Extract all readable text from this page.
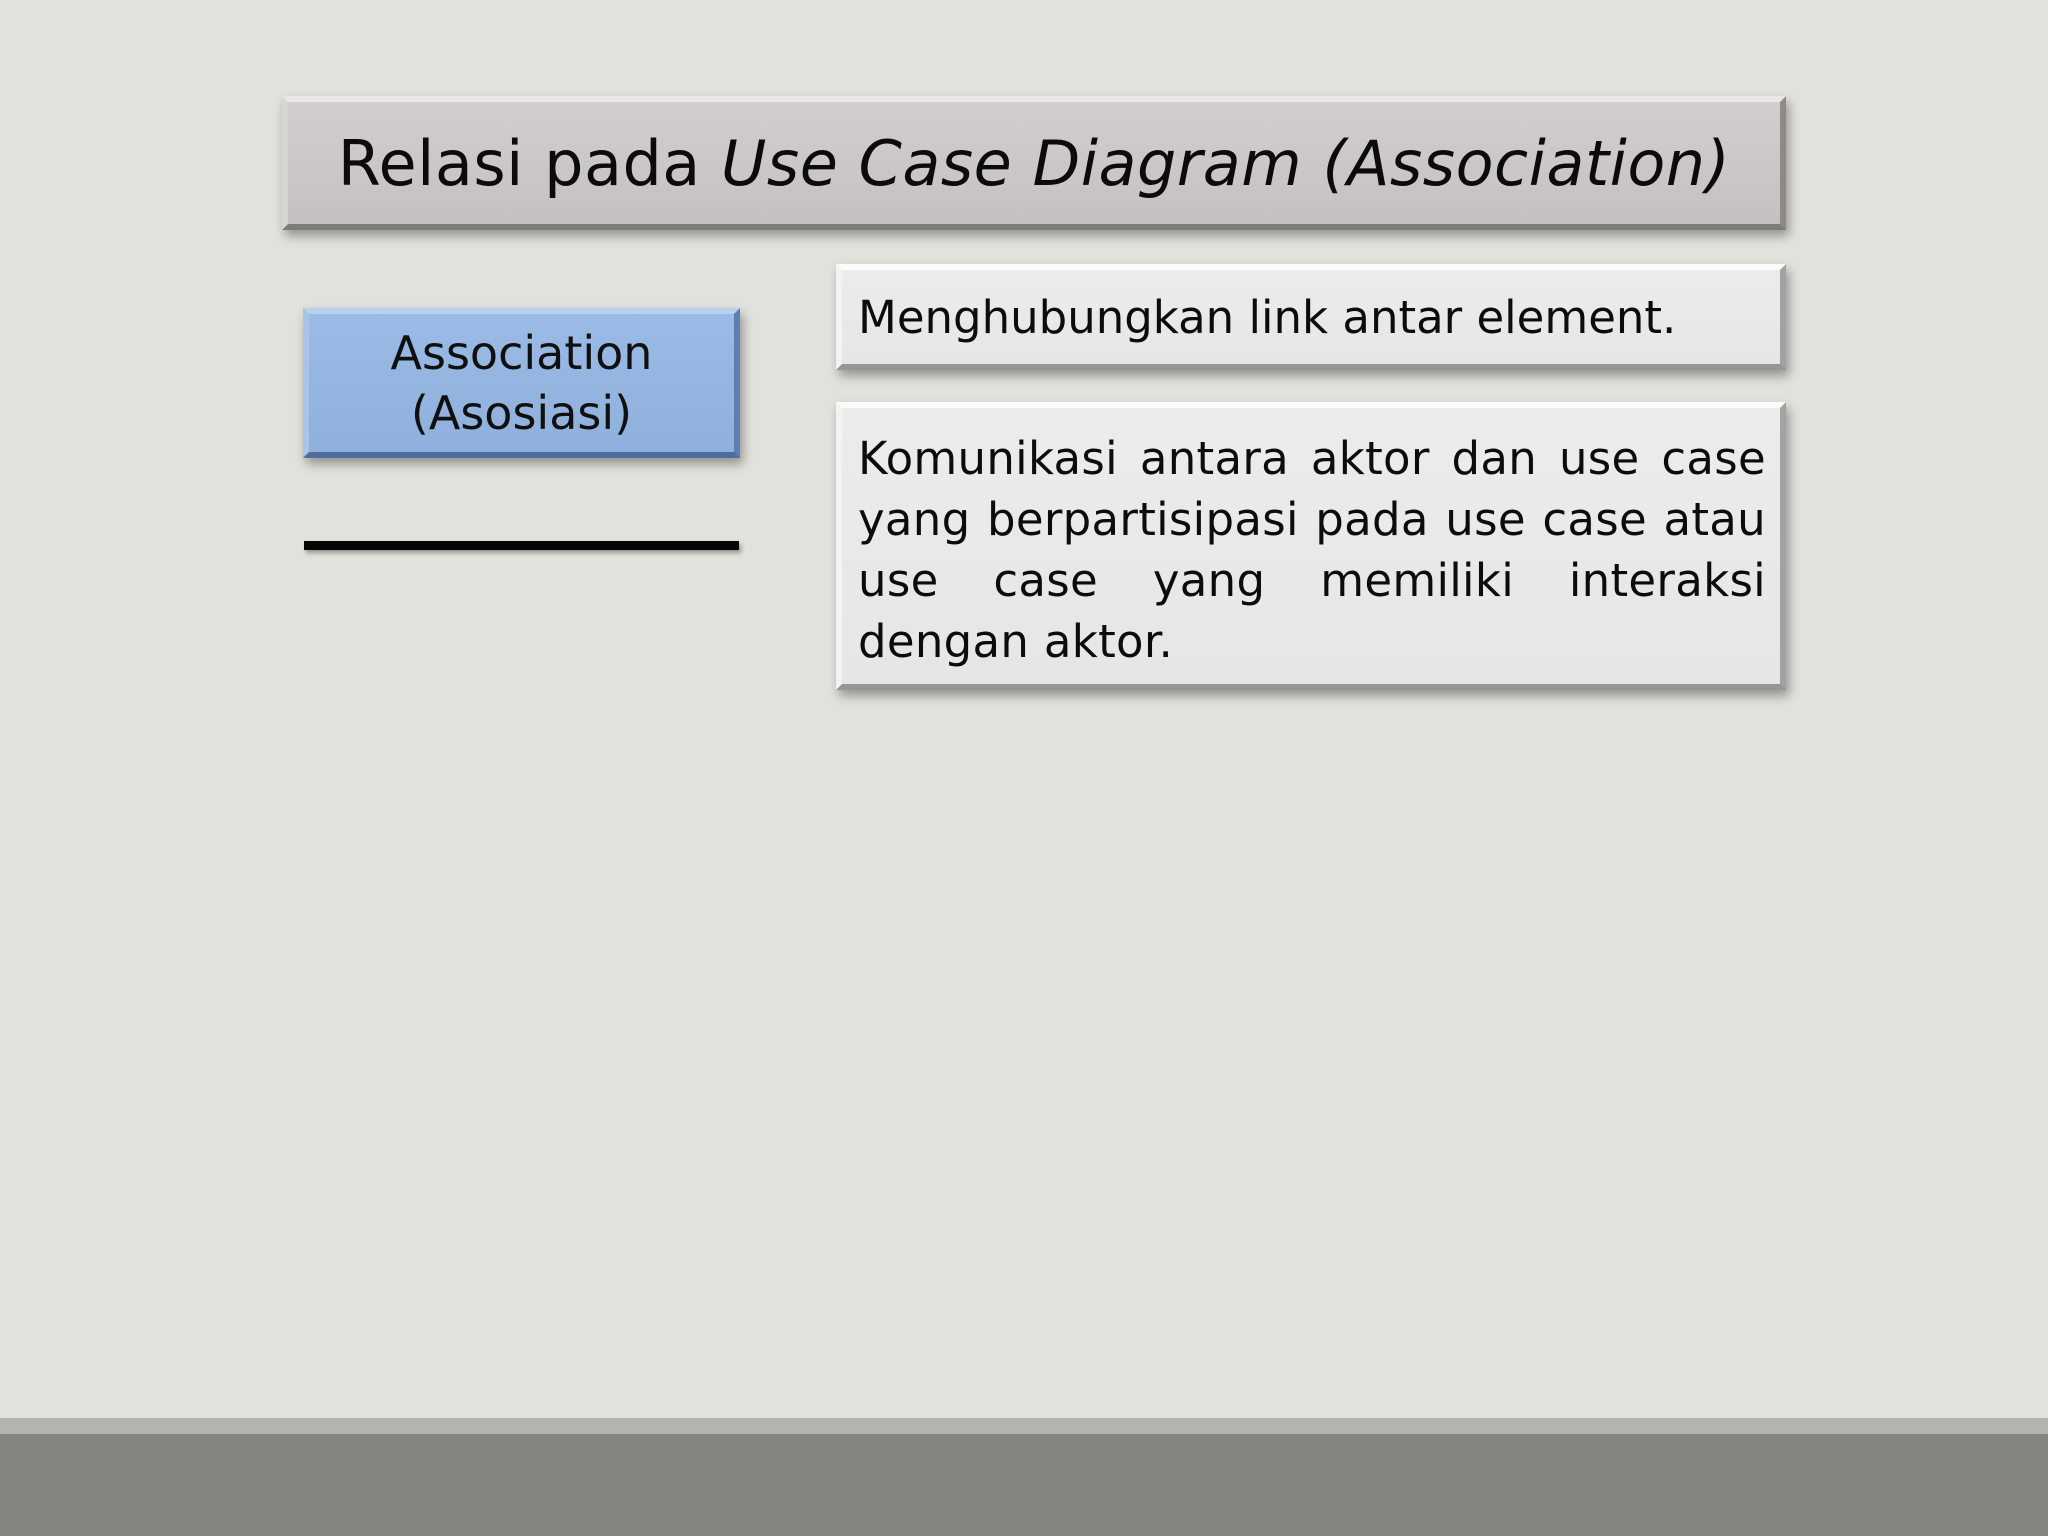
Relasi pada Use Case Diagram (Association)
Association
(Asosiasi)
Menghubungkan link antar element.
Komunikasi antara aktor dan use case yang berpartisipasi pada use case atau use case yang memiliki interaksi dengan aktor.
